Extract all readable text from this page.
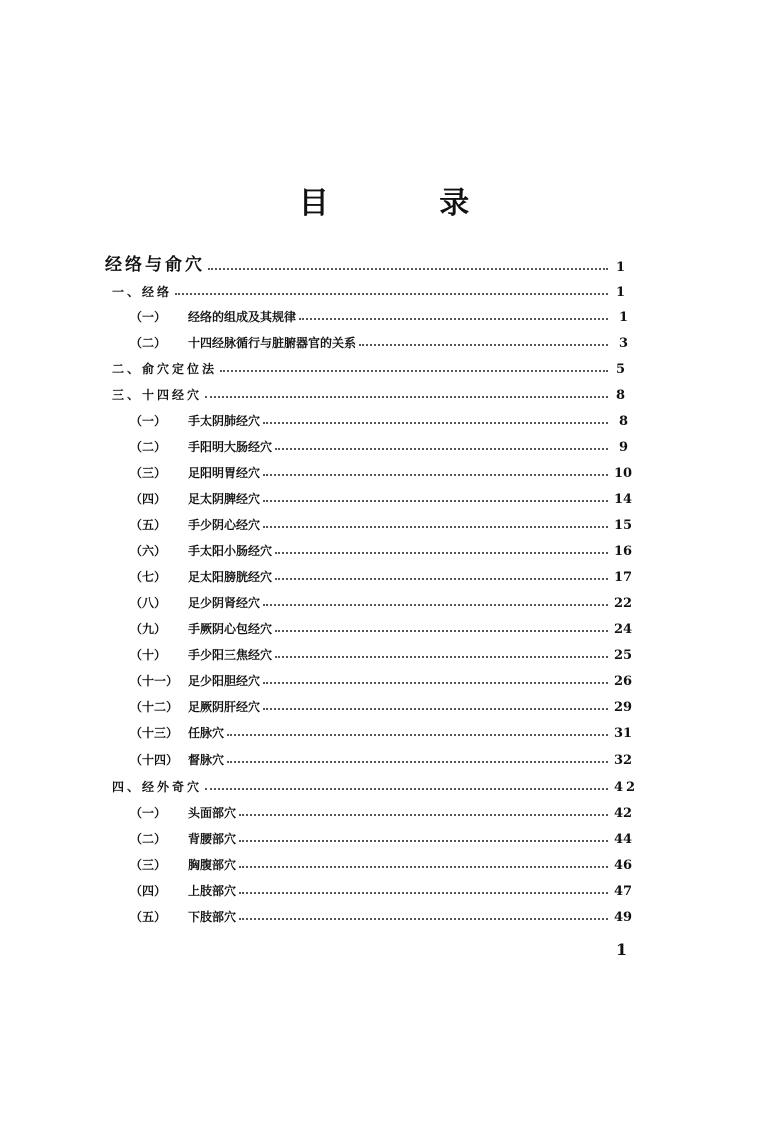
目 录
经络与俞穴	1
一、经络	1
（一）	经络的组成及其规律	1
（二）	十四经脉循行与脏腑器官的关系	3
二、俞穴定位法	5
三、十四经穴	8
（一）	手太阴肺经穴	8
（二）	手阳明大肠经穴	9
（三）	足阳明胃经穴	10
（四）	足太阴脾经穴	14
（五）	手少阴心经穴	15
（六）	手太阳小肠经穴	16
（七）	足太阳膀胱经穴	17
（八）	足少阴肾经穴	22
（九）	手厥阴心包经穴	24
（十）	手少阳三焦经穴	25
（十一） 足少阳胆经穴	26
（十二） 足厥阴肝经穴	29
（十三） 任脉穴	31
（十四） 督脉穴	32
四、经外奇穴	42
（一）	头面部穴	42
（二）	背腰部穴	44
（三）	胸腹部穴	46
（四）	上肢部穴	47
（五）	下肢部穴	49
1
